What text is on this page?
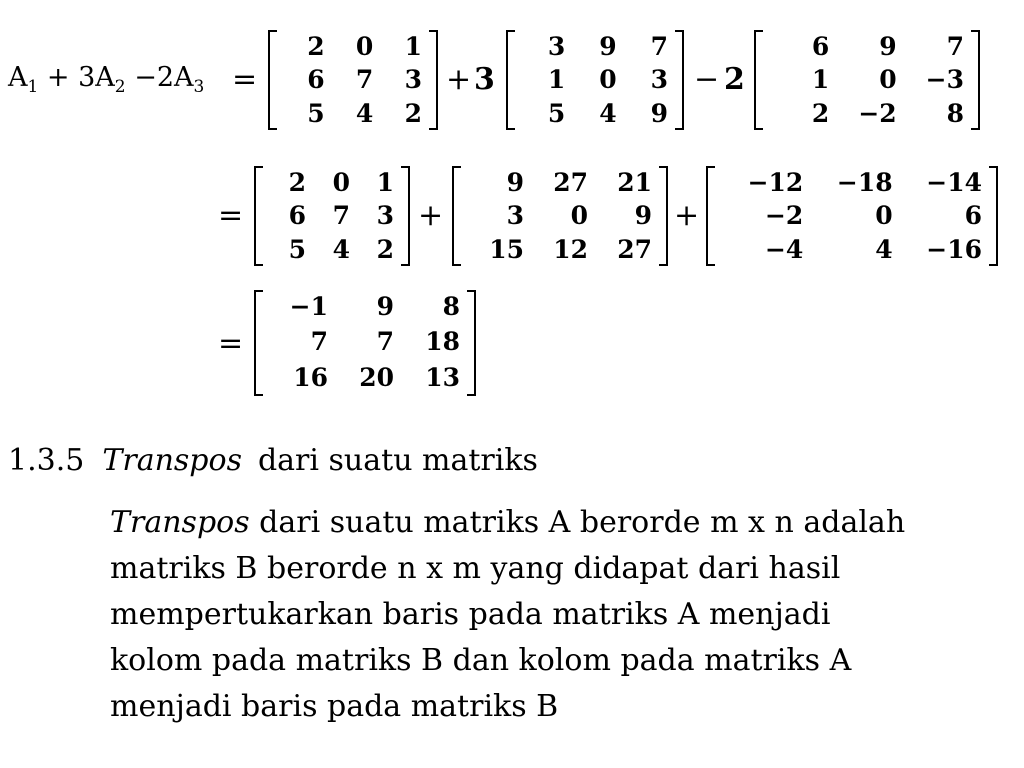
$A_1 + 3A_2 -2A_3$ =
2	0	1
6	7	3
5	4	2
+ 3
3	9	7
1	0	3
5	4	9
− 2
6	9	7
1	0	−3
2	−2	8
=
2	0	1
6	7	3
5	4	2
+
9	27	21
3	0	9
15	12	27
+
−12	−18	−14
−2	0	6
−4	4	−16
=
−1	9	8
7	7	18
16	20	13
1.3.5 Transpos dari suatu matriks
Transpos dari suatu matriks A berorde m x n adalah
matriks B berorde n x m yang didapat dari hasil
mempertukarkan baris pada matriks A menjadi
kolom pada matriks B dan kolom pada matriks A
menjadi baris pada matriks B
